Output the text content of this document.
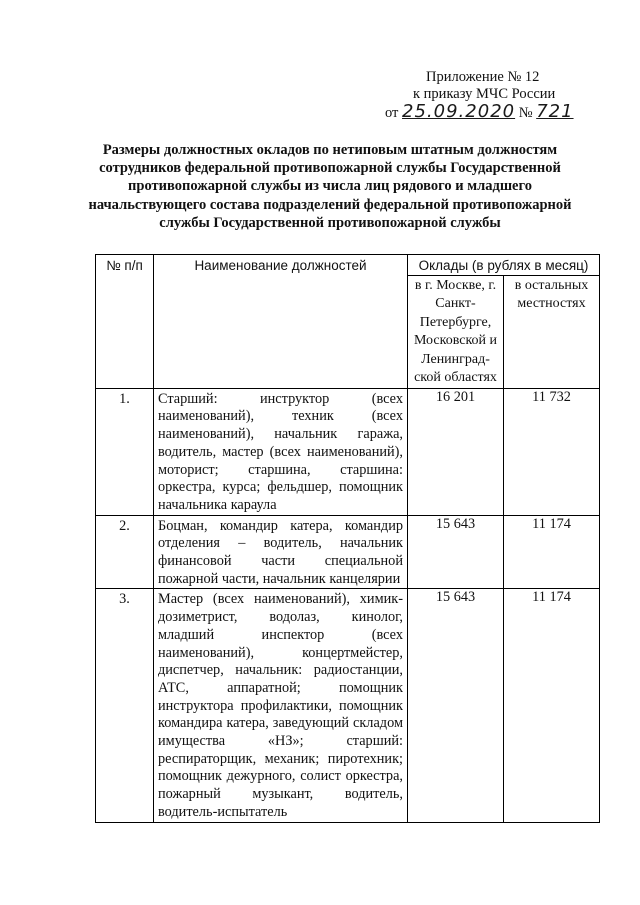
Приложение № 12
к приказу МЧС России
от 25.09.2020 № 721
Размеры должностных окладов по нетиповым штатным должностям сотрудников федеральной противопожарной службы Государственной противопожарной службы из числа лиц рядового и младшего начальствующего состава подразделений федеральной противопожарной службы Государственной противопожарной службы
№ п/п	Наименование должностей	Оклады (в рублях в месяц)	
		в г. Москве, г. Санкт-Петербурге, Московской и Ленинград-ской областях	в остальных местностях
1.	Старший: инструктор (всех наименований), техник (всех наименований), начальник гаража, водитель, мастер (всех наименований), моторист; старшина, старшина: оркестра, курса; фельдшер, помощник начальника караула	16 201	11 732
2.	Боцман, командир катера, командир отделения – водитель, начальник финансовой части специальной пожарной части, начальник канцелярии	15 643	11 174
3.	Мастер (всех наименований), химик-дозиметрист, водолаз, кинолог, младший инспектор (всех наименований), концертмейстер, диспетчер, начальник: радиостанции, АТС, аппаратной; помощник инструктора профилактики, помощник командира катера, заведующий складом имущества «НЗ»; старший: респираторщик, механик; пиротехник; помощник дежурного, солист оркестра, пожарный музыкант, водитель, водитель-испытатель	15 643	11 174
